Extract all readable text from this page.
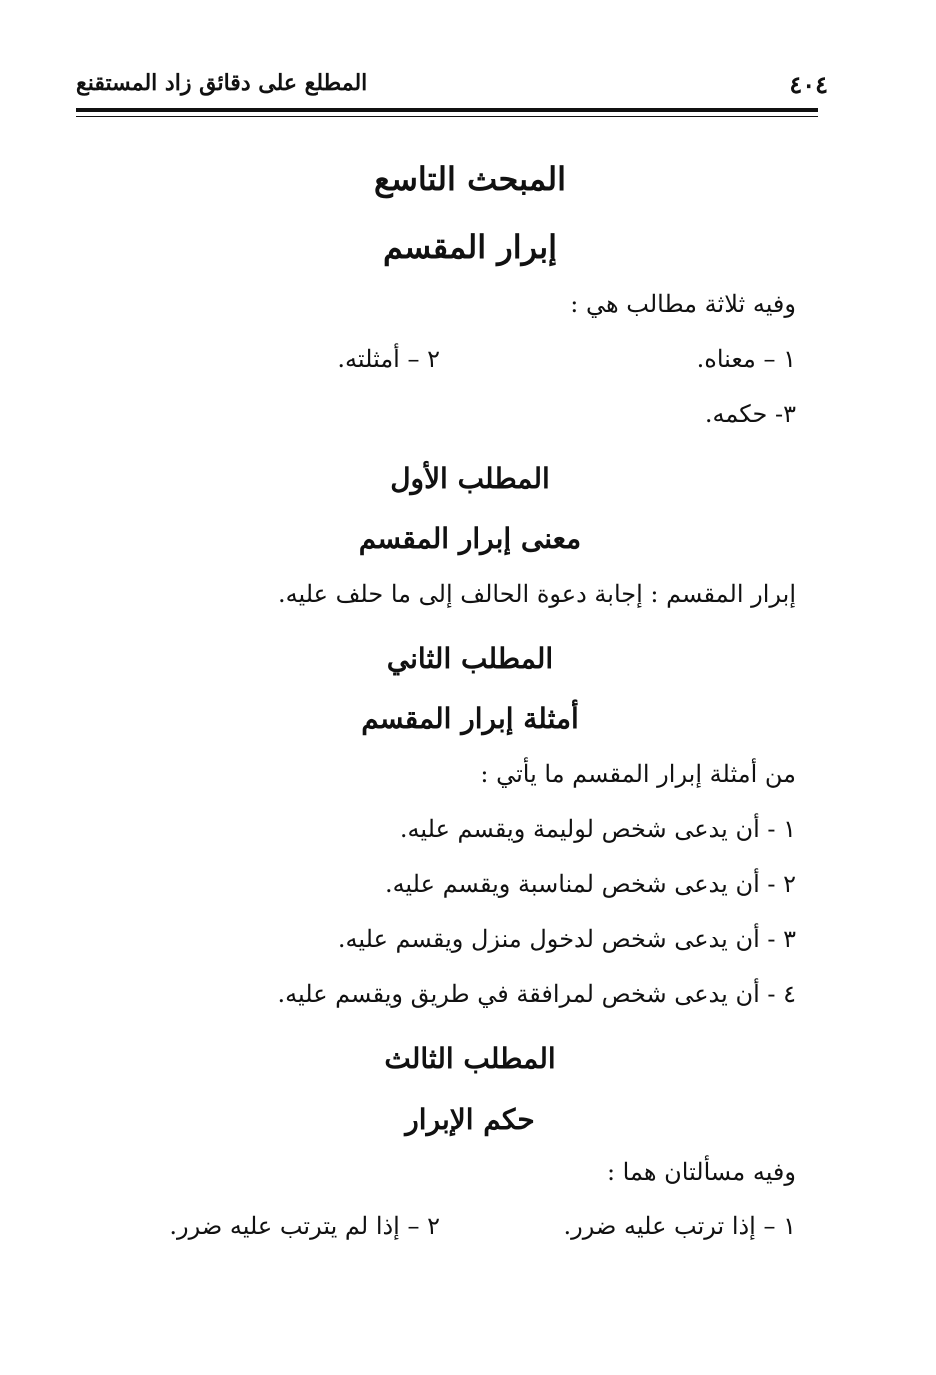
٤٠٤
المطلع على دقائق زاد المستقنع
المبحث التاسع
إبرار المقسم
وفيه ثلاثة مطالب هي :
١ – معناه.
٢ – أمثلته.
٣- حكمه.
المطلب الأول
معنى إبرار المقسم
إبرار المقسم : إجابة دعوة الحالف إلى ما حلف عليه.
المطلب الثاني
أمثلة إبرار المقسم
من أمثلة إبرار المقسم ما يأتي :
١ - أن يدعى شخص لوليمة ويقسم عليه.
٢ - أن يدعى شخص لمناسبة ويقسم عليه.
٣ - أن يدعى شخص لدخول منزل ويقسم عليه.
٤ - أن يدعى شخص لمرافقة في طريق ويقسم عليه.
المطلب الثالث
حكم الإبرار
وفيه مسألتان هما :
١ – إذا ترتب عليه ضرر.
٢ – إذا لم يترتب عليه ضرر.
